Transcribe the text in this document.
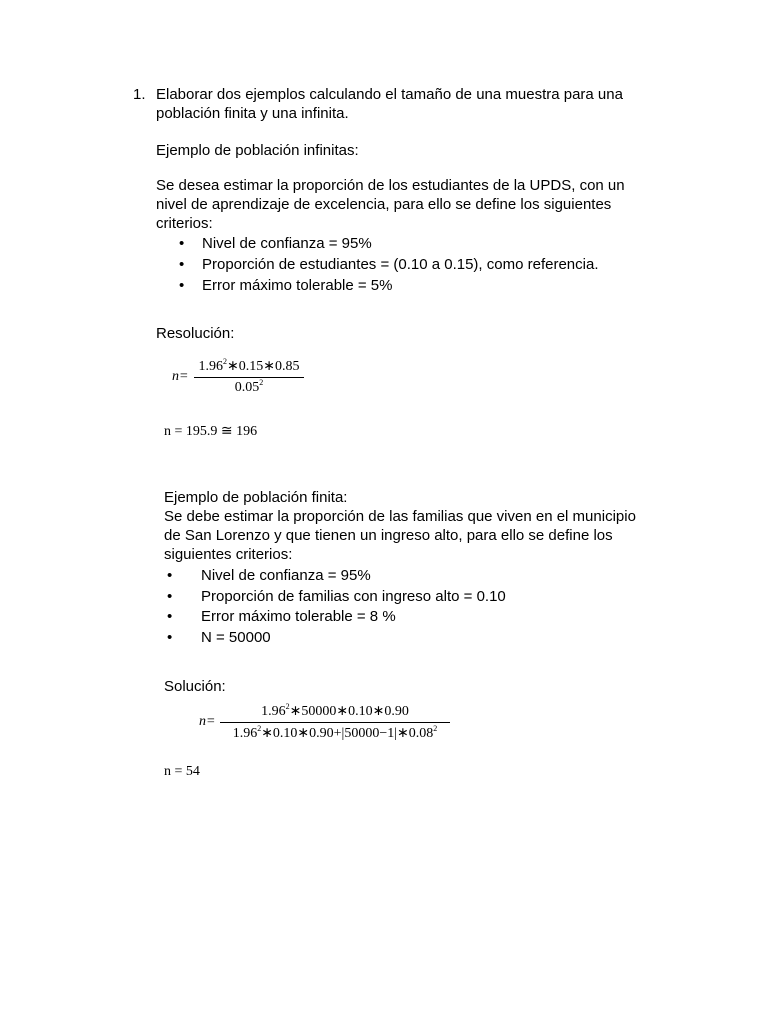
1. Elaborar dos ejemplos calculando el tamaño de una muestra para una
población finita y una infinita.
Ejemplo de población infinitas:
Se desea estimar la proporción de los estudiantes de la UPDS, con un
nivel de aprendizaje de excelencia, para ello se define los siguientes
criterios:
• Nivel de confianza = 95%
• Proporción de estudiantes = (0.10 a 0.15), como referencia.
• Error máximo tolerable = 5%
Resolución:
n=
$1.96^2∗0.15∗0.85$
0.05$^2$
n = 195.9 ≅ 196
Ejemplo de población finita:
Se debe estimar la proporción de las familias que viven en el municipio
de San Lorenzo y que tienen un ingreso alto, para ello se define los
siguientes criterios:
• Nivel de confianza = 95%
• Proporción de familias con ingreso alto = 0.10
• Error máximo tolerable = 8 %
• N = 50000
Solución:
n=
$1.96^2∗50000∗0.10∗0.90$
$1.96^2∗0.10∗0.90+|50000-1|∗0.08^2$
n = 54
